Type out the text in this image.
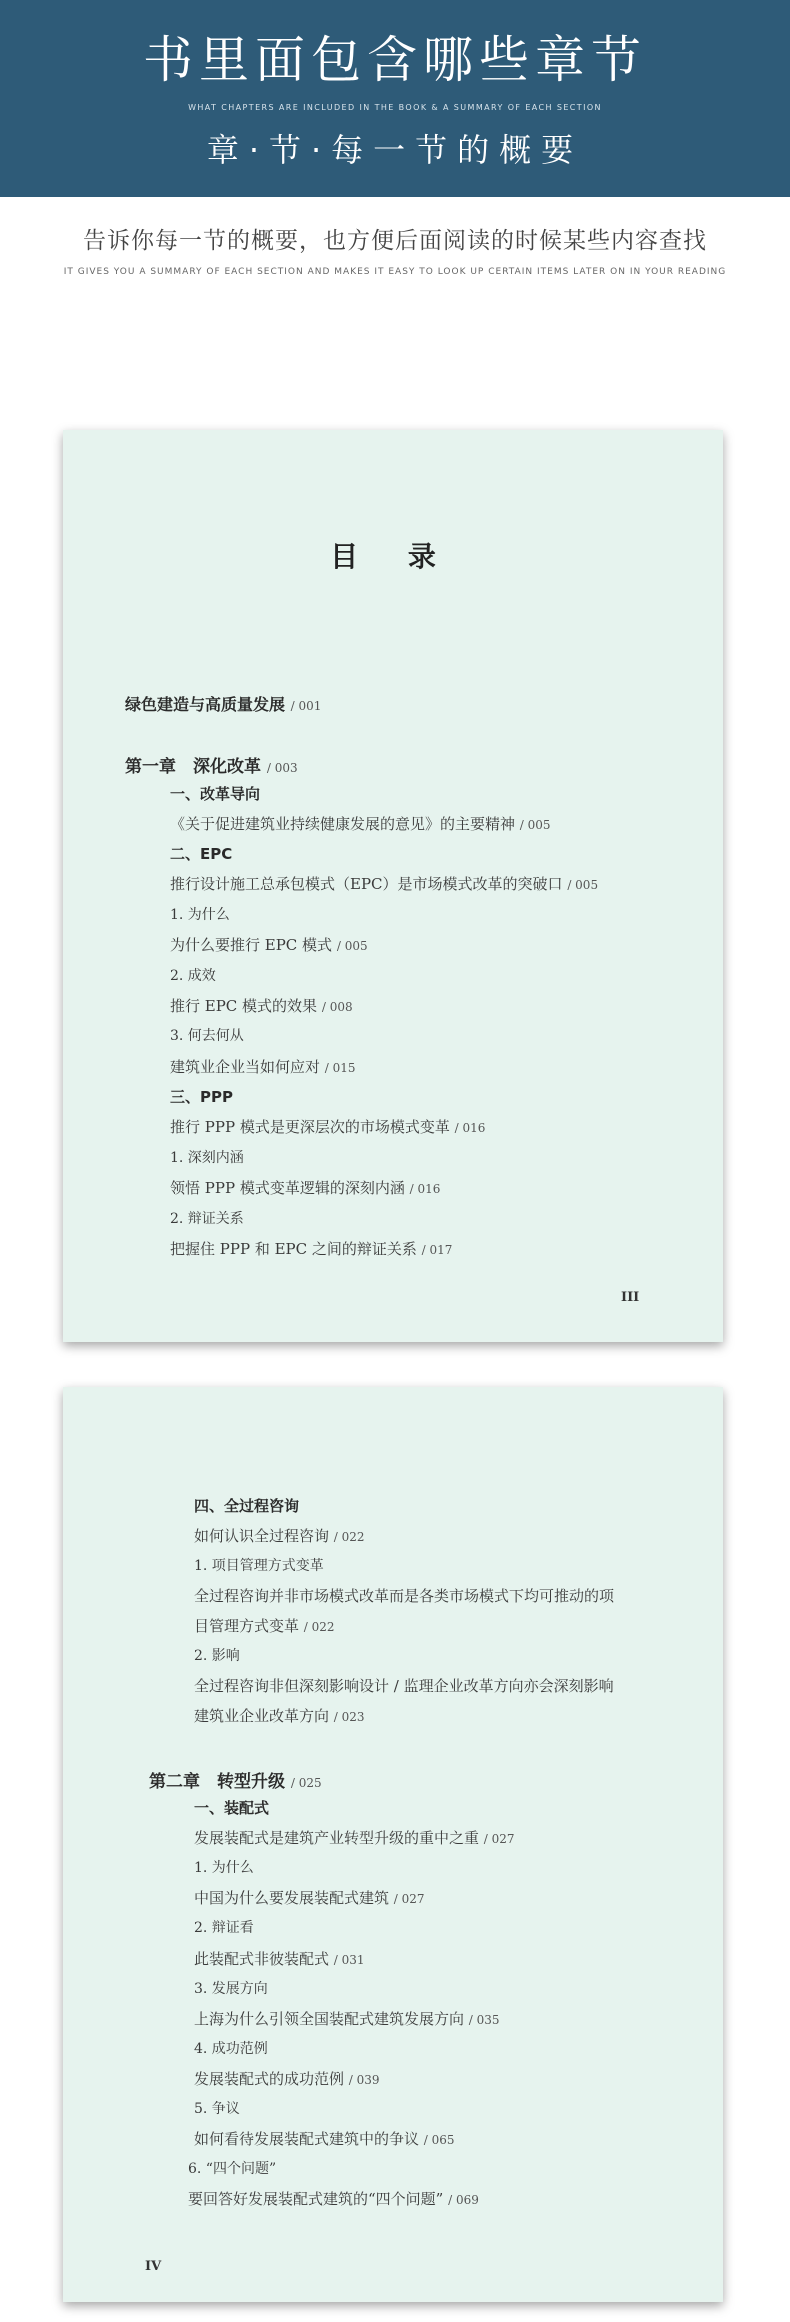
书里面包含哪些章节
WHAT CHAPTERS ARE INCLUDED IN THE BOOK & A SUMMARY OF EACH SECTION
章·节·每一节的概要
告诉你每一节的概要，也方便后面阅读的时候某些内容查找
IT GIVES YOU A SUMMARY OF EACH SECTION AND MAKES IT EASY TO LOOK UP CERTAIN ITEMS LATER ON IN YOUR READING
目 录
绿色建造与高质量发展 / 001
第一章　深化改革 / 003
一、改革导向
《关于促进建筑业持续健康发展的意见》的主要精神 / 005
二、EPC
推行设计施工总承包模式（EPC）是市场模式改革的突破口 / 005
1. 为什么
为什么要推行 EPC 模式 / 005
2. 成效
推行 EPC 模式的效果 / 008
3. 何去何从
建筑业企业当如何应对 / 015
三、PPP
推行 PPP 模式是更深层次的市场模式变革 / 016
1. 深刻内涵
领悟 PPP 模式变革逻辑的深刻内涵 / 016
2. 辩证关系
把握住 PPP 和 EPC 之间的辩证关系 / 017
III
四、全过程咨询
如何认识全过程咨询 / 022
1. 项目管理方式变革
全过程咨询并非市场模式改革而是各类市场模式下均可推动的项
目管理方式变革 / 022
2. 影响
全过程咨询非但深刻影响设计 / 监理企业改革方向亦会深刻影响
建筑业企业改革方向 / 023
第二章　转型升级 / 025
一、装配式
发展装配式是建筑产业转型升级的重中之重 / 027
1. 为什么
中国为什么要发展装配式建筑 / 027
2. 辩证看
此装配式非彼装配式 / 031
3. 发展方向
上海为什么引领全国装配式建筑发展方向 / 035
4. 成功范例
发展装配式的成功范例 / 039
5. 争议
如何看待发展装配式建筑中的争议 / 065
6. “四个问题”
要回答好发展装配式建筑的“四个问题” / 069
IV
